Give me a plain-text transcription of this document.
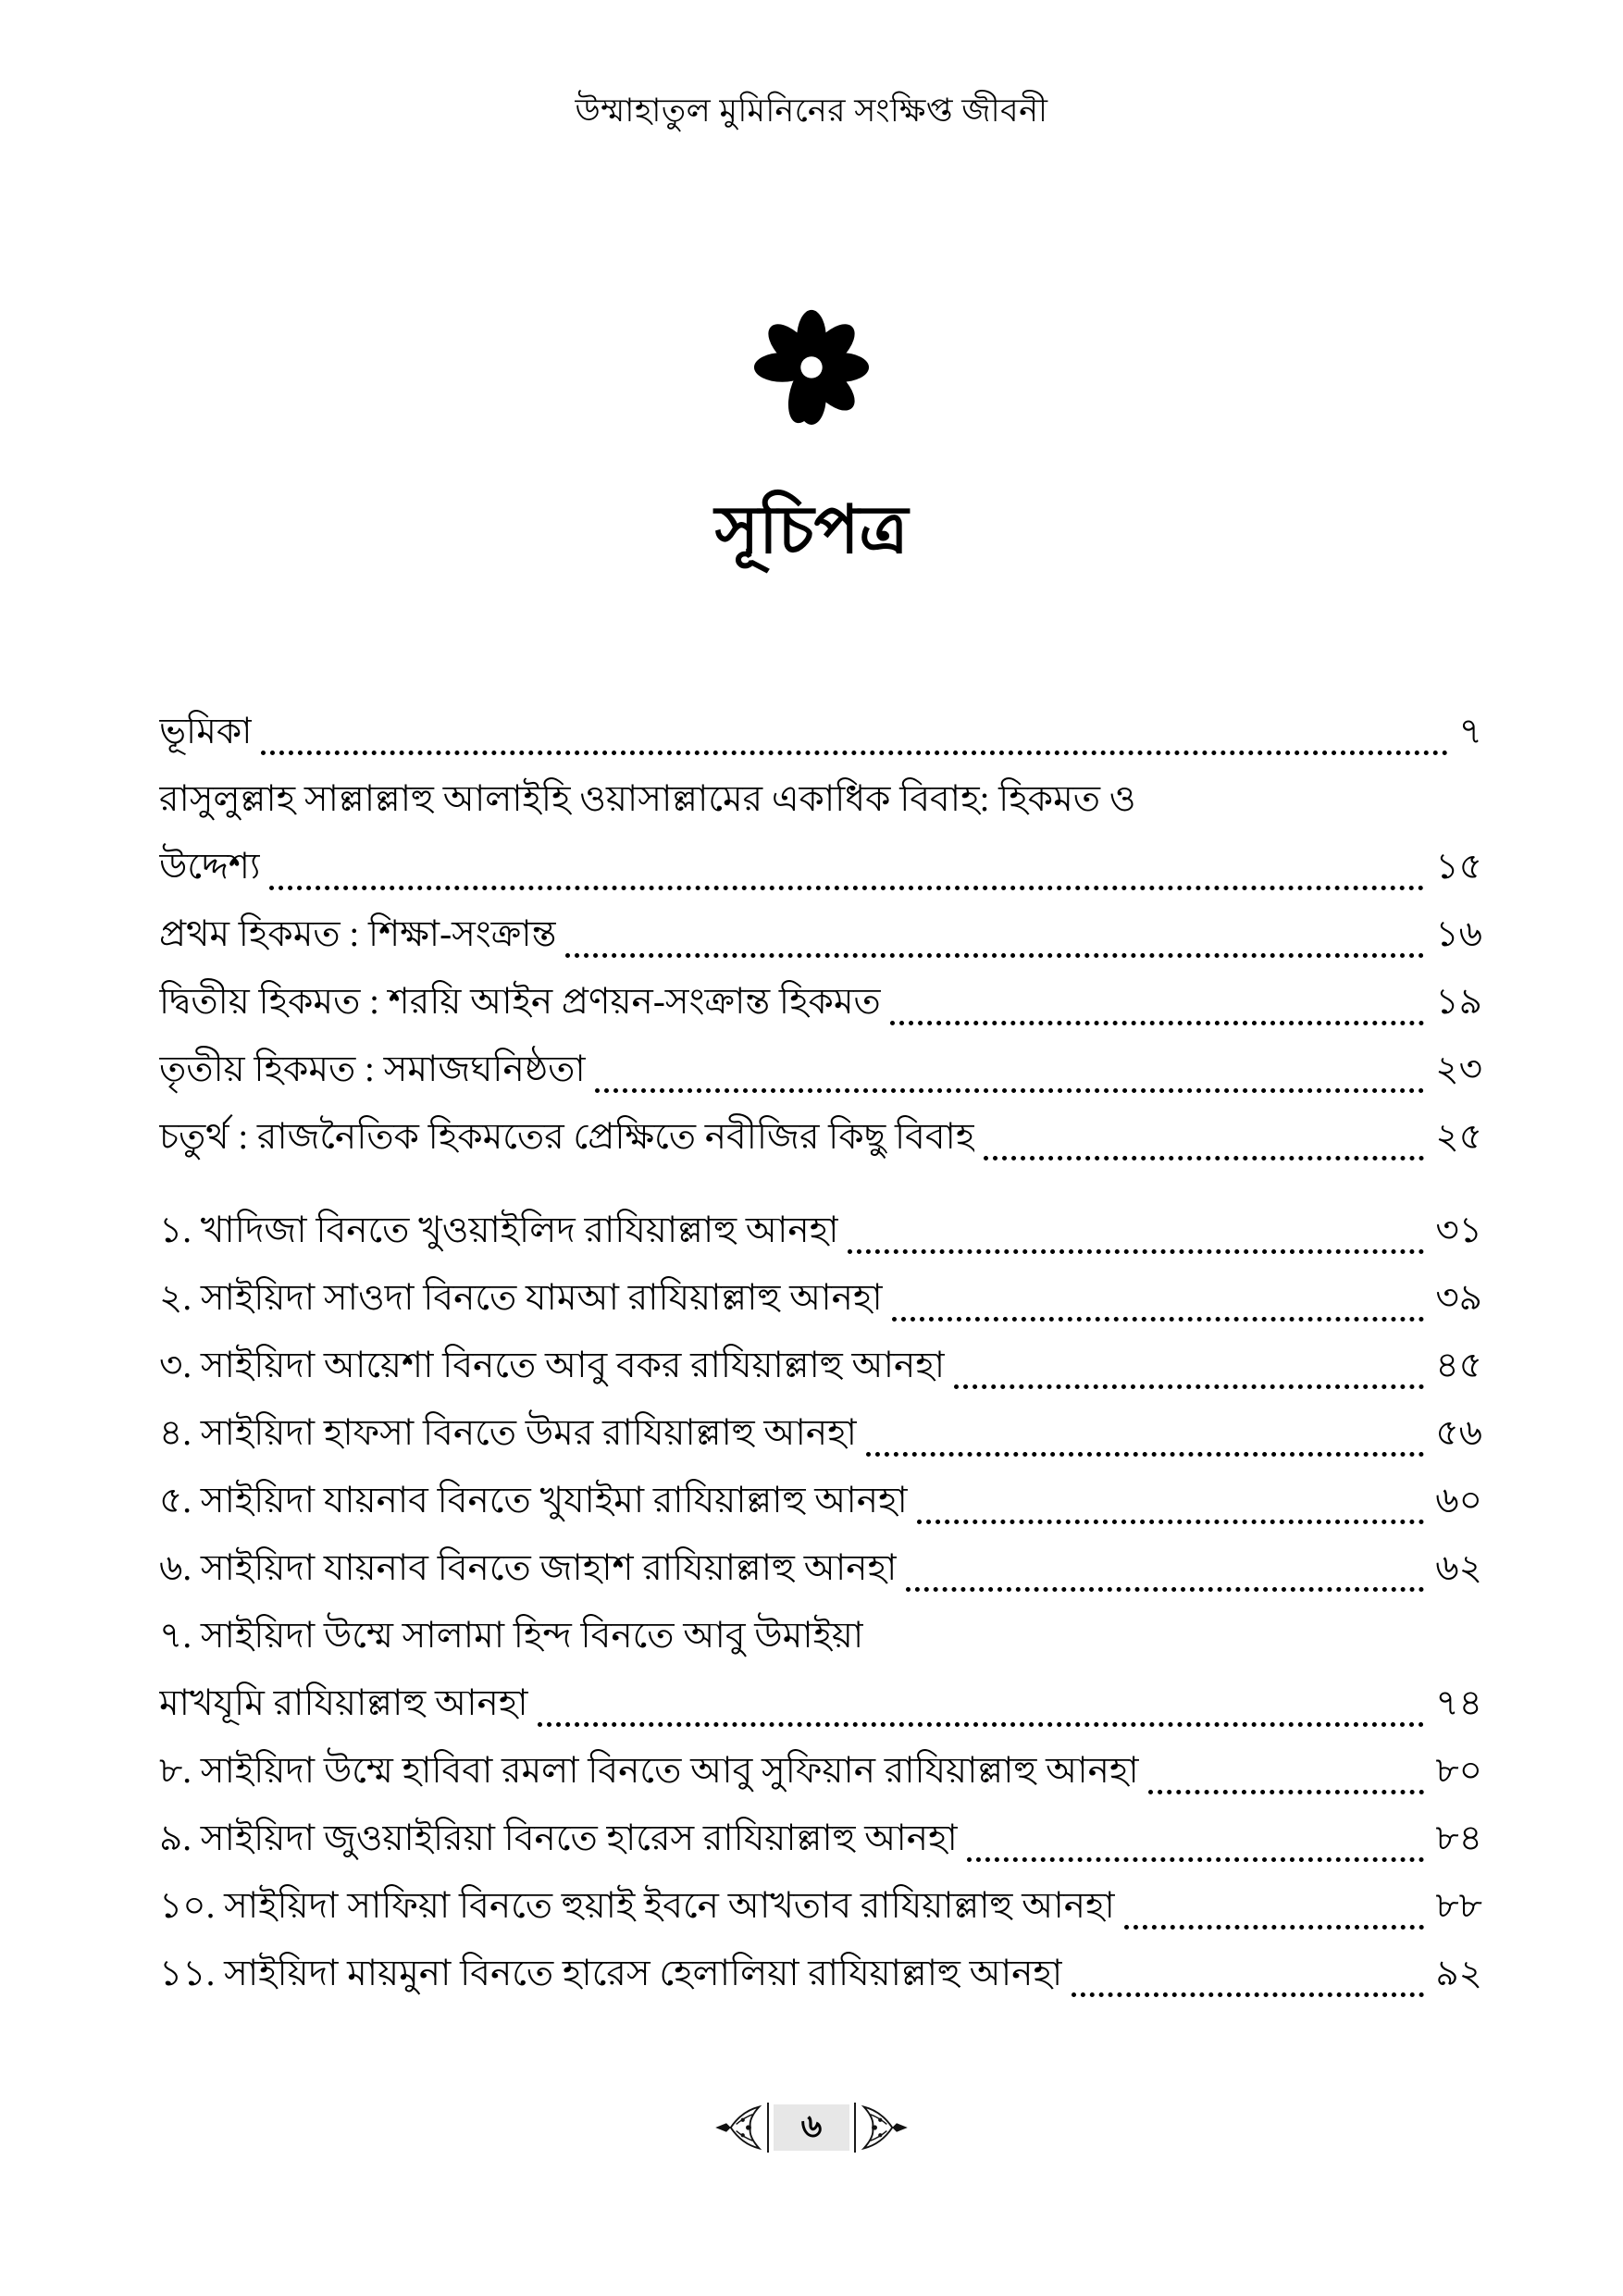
উম্মাহাতুল মুমিনিনের সংক্ষিপ্ত জীবনী
সূচিপত্র
ভূমিকা	৭
রাসুলুল্লাহ সাল্লাল্লাহু আলাইহি ওয়াসাল্লামের একাধিক বিবাহ: হিকমত ও
উদ্দেশ্য	১৫
প্রথম হিকমত : শিক্ষা-সংক্রান্ত	১৬
দ্বিতীয় হিকমত : শরয়ি আইন প্রণয়ন-সংক্রান্ত হিকমত	১৯
তৃতীয় হিকমত : সমাজঘনিষ্ঠতা	২৩
চতুর্থ : রাজনৈতিক হিকমতের প্রেক্ষিতে নবীজির কিছু বিবাহ	২৫
১. খাদিজা বিনতে খুওয়াইলিদ রাযিয়াল্লাহু আনহা	৩১
২. সাইয়িদা সাওদা বিনতে যামআ রাযিয়াল্লাহু আনহা	৩৯
৩. সাইয়িদা আয়েশা বিনতে আবু বকর রাযিয়াল্লাহু আনহা	৪৫
৪. সাইয়িদা হাফসা বিনতে উমর রাযিয়াল্লাহু আনহা	৫৬
৫. সাইয়িদা যায়নাব বিনতে খুযাইমা রাযিয়াল্লাহু আনহা	৬০
৬. সাইয়িদা যায়নাব বিনতে জাহাশ রাযিয়াল্লাহু আনহা	৬২
৭. সাইয়িদা উম্মে সালামা হিন্দ বিনতে আবু উমাইয়া
মাখযূমি রাযিয়াল্লাহু আনহা	৭৪
৮. সাইয়িদা উম্মে হাবিবা রমলা বিনতে আবু সুফিয়ান রাযিয়াল্লাহু আনহা	৮০
৯. সাইয়িদা জুওয়াইরিয়া বিনতে হারেস রাযিয়াল্লাহু আনহা	৮৪
১০. সাইয়িদা সাফিয়া বিনতে হুয়াই ইবনে আখতাব রাযিয়াল্লাহু আনহা	৮৮
১১. সাইয়িদা মায়মুনা বিনতে হারেস হেলালিয়া রাযিয়াল্লাহু আনহা	৯২
৬
